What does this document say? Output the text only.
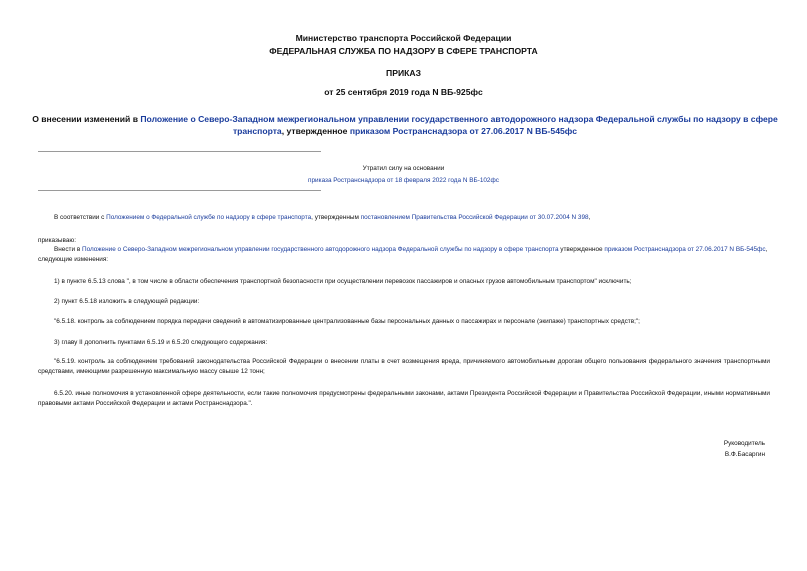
Министерство транспорта Российской Федерации
ФЕДЕРАЛЬНАЯ СЛУЖБА ПО НАДЗОРУ В СФЕРЕ ТРАНСПОРТА
ПРИКАЗ
от 25 сентября 2019 года N ВБ-925фс
О внесении изменений в Положение о Северо-Западном межрегиональном управлении государственного автодорожного надзора Федеральной службы по надзору в сфере транспорта, утвержденное приказом Ространснадзора от 27.06.2017 N ВБ-545фс
Утратил силу на основании
приказа Ространснадзора от 18 февраля 2022 года N ВБ-102фс
В соответствии с Положением о Федеральной службе по надзору в сфере транспорта, утвержденным постановлением Правительства Российской Федерации от 30.07.2004 N 398,
приказываю:
Внести в Положение о Северо-Западном межрегиональном управлении государственного автодорожного надзора Федеральной службы по надзору в сфере транспорта утвержденное приказом Ространснадзора от 27.06.2017 N ВБ-545фс, следующие изменения:
1) в пункте 6.5.13 слова ", в том числе в области обеспечения транспортной безопасности при осуществлении перевозок пассажиров и опасных грузов автомобильным транспортом" исключить;
2) пункт 6.5.18 изложить в следующей редакции:
"6.5.18. контроль за соблюдением порядка передачи сведений в автоматизированные централизованные базы персональных данных о пассажирах и персонале (экипаже) транспортных средств;";
3) главу II дополнить пунктами 6.5.19 и 6.5.20 следующего содержания:
"6.5.19. контроль за соблюдением требований законодательства Российской Федерации о внесении платы в счет возмещения вреда, причиняемого автомобильным дорогам общего пользования федерального значения транспортными средствами, имеющими разрешенную максимальную массу свыше 12 тонн;
6.5.20. иные полномочия в установленной сфере деятельности, если такие полномочия предусмотрены федеральными законами, актами Президента Российской Федерации и Правительства Российской Федерации, иными нормативными правовыми актами Российской Федерации и актами Ространснадзора.".
Руководитель
В.Ф.Басаргин
